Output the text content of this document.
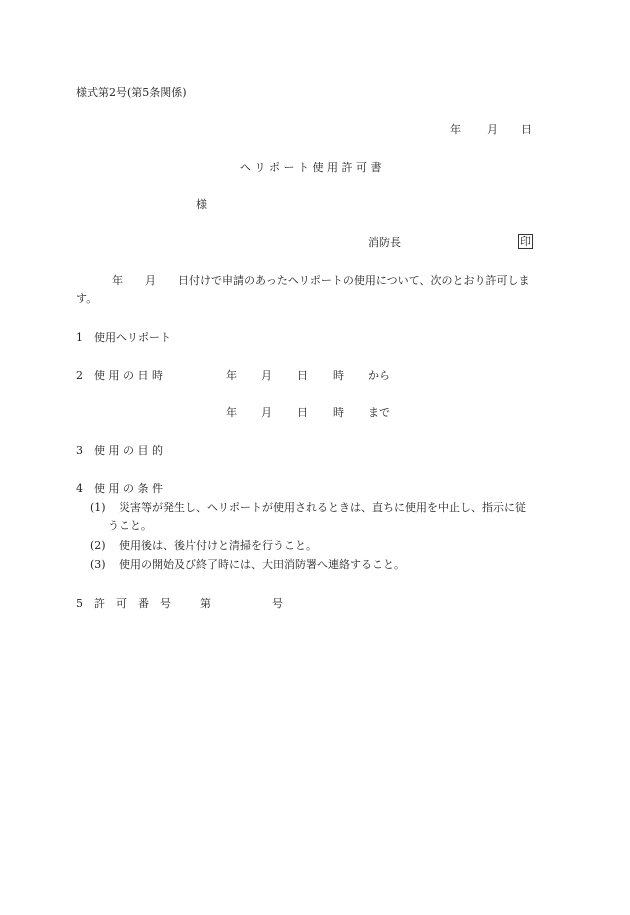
様式第2号(第5条関係)
年 月 日
ヘ リ ポ ー ト 使 用 許 可 書
様
消防長	印
年　　月　　日付けで申請のあったヘリポートの使用について、次のとおり許可しま
す。
1　使用ヘリポート
2　使 用 の 日 時	年 月 日 時 から
年 月 日 時 まで
3　使 用 の 目 的
4　使 用 の 条 件
(1) 災害等が発生し、ヘリポートが使用されるときは、直ちに使用を中止し、指示に従
うこと。
(2) 使用後は、後片付けと清掃を行うこと。
(3) 使用の開始及び終了時には、大田消防署へ連絡すること。
5　許　可　番　号	第	号
